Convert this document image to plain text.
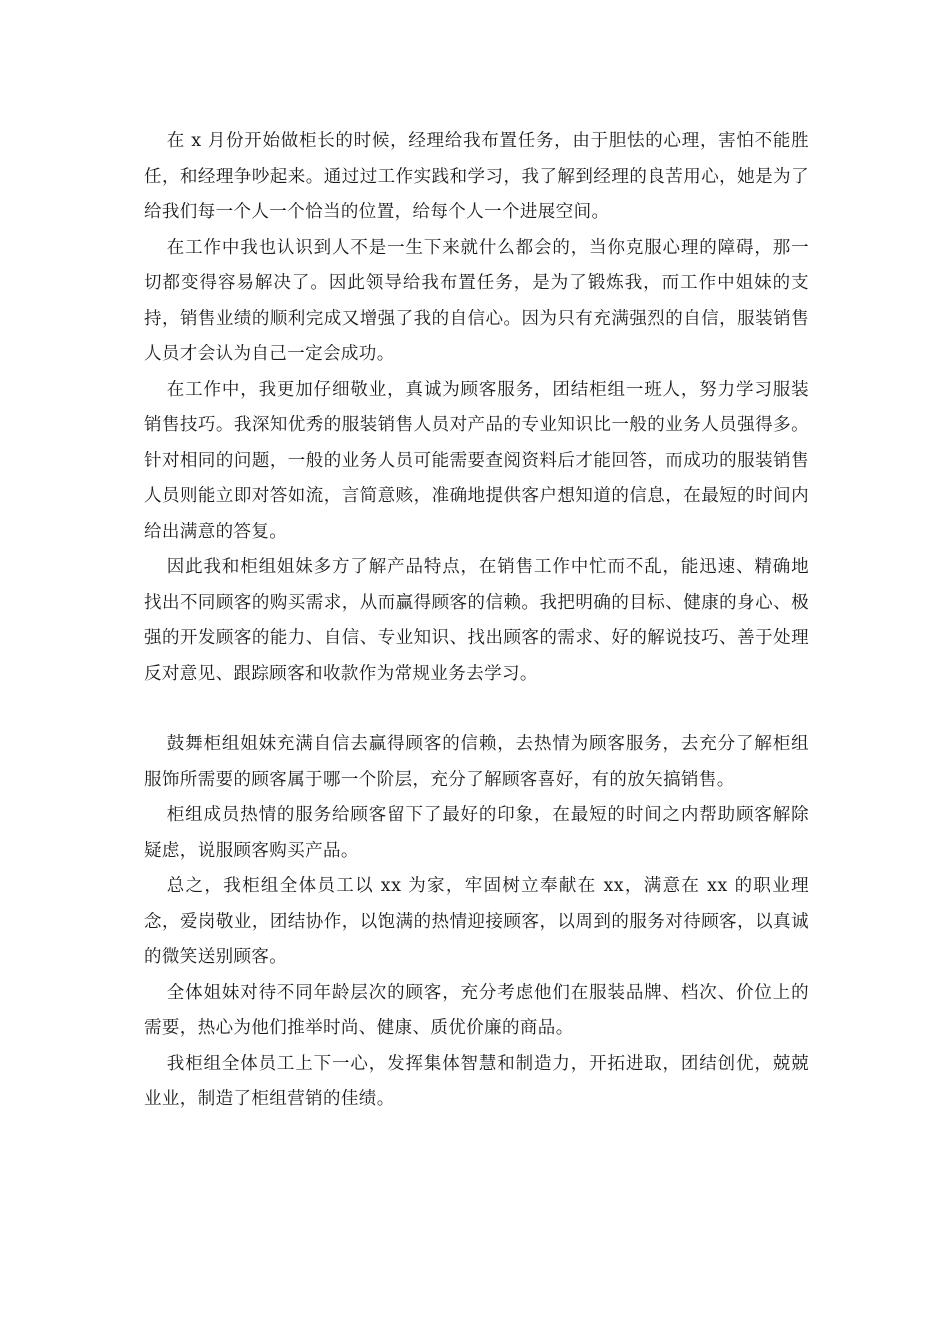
在 x 月份开始做柜长的时候，经理给我布置任务，由于胆怯的心理，害怕不能胜任，和经理争吵起来。通过过工作实践和学习，我了解到经理的良苦用心，她是为了给我们每一个人一个恰当的位置，给每个人一个进展空间。

在工作中我也认识到人不是一生下来就什么都会的，当你克服心理的障碍，那一切都变得容易解决了。因此领导给我布置任务，是为了锻炼我，而工作中姐妹的支持，销售业绩的顺利完成又增强了我的自信心。因为只有充满强烈的自信，服装销售人员才会认为自己一定会成功。

在工作中，我更加仔细敬业，真诚为顾客服务，团结柜组一班人，努力学习服装销售技巧。我深知优秀的服装销售人员对产品的专业知识比一般的业务人员强得多。针对相同的问题，一般的业务人员可能需要查阅资料后才能回答，而成功的服装销售人员则能立即对答如流，言简意赅，准确地提供客户想知道的信息，在最短的时间内给出满意的答复。

因此我和柜组姐妹多方了解产品特点，在销售工作中忙而不乱，能迅速、精确地找出不同顾客的购买需求，从而赢得顾客的信赖。我把明确的目标、健康的身心、极强的开发顾客的能力、自信、专业知识、找出顾客的需求、好的解说技巧、善于处理反对意见、跟踪顾客和收款作为常规业务去学习。

鼓舞柜组姐妹充满自信去赢得顾客的信赖，去热情为顾客服务，去充分了解柜组服饰所需要的顾客属于哪一个阶层，充分了解顾客喜好，有的放矢搞销售。

柜组成员热情的服务给顾客留下了最好的印象，在最短的时间之内帮助顾客解除疑虑，说服顾客购买产品。

总之，我柜组全体员工以 xx 为家，牢固树立奉献在 xx，满意在 xx 的职业理念，爱岗敬业，团结协作，以饱满的热情迎接顾客，以周到的服务对待顾客，以真诚的微笑送别顾客。

全体姐妹对待不同年龄层次的顾客，充分考虑他们在服装品牌、档次、价位上的需要，热心为他们推举时尚、健康、质优价廉的商品。

我柜组全体员工上下一心，发挥集体智慧和制造力，开拓进取，团结创优，兢兢业业，制造了柜组营销的佳绩。
